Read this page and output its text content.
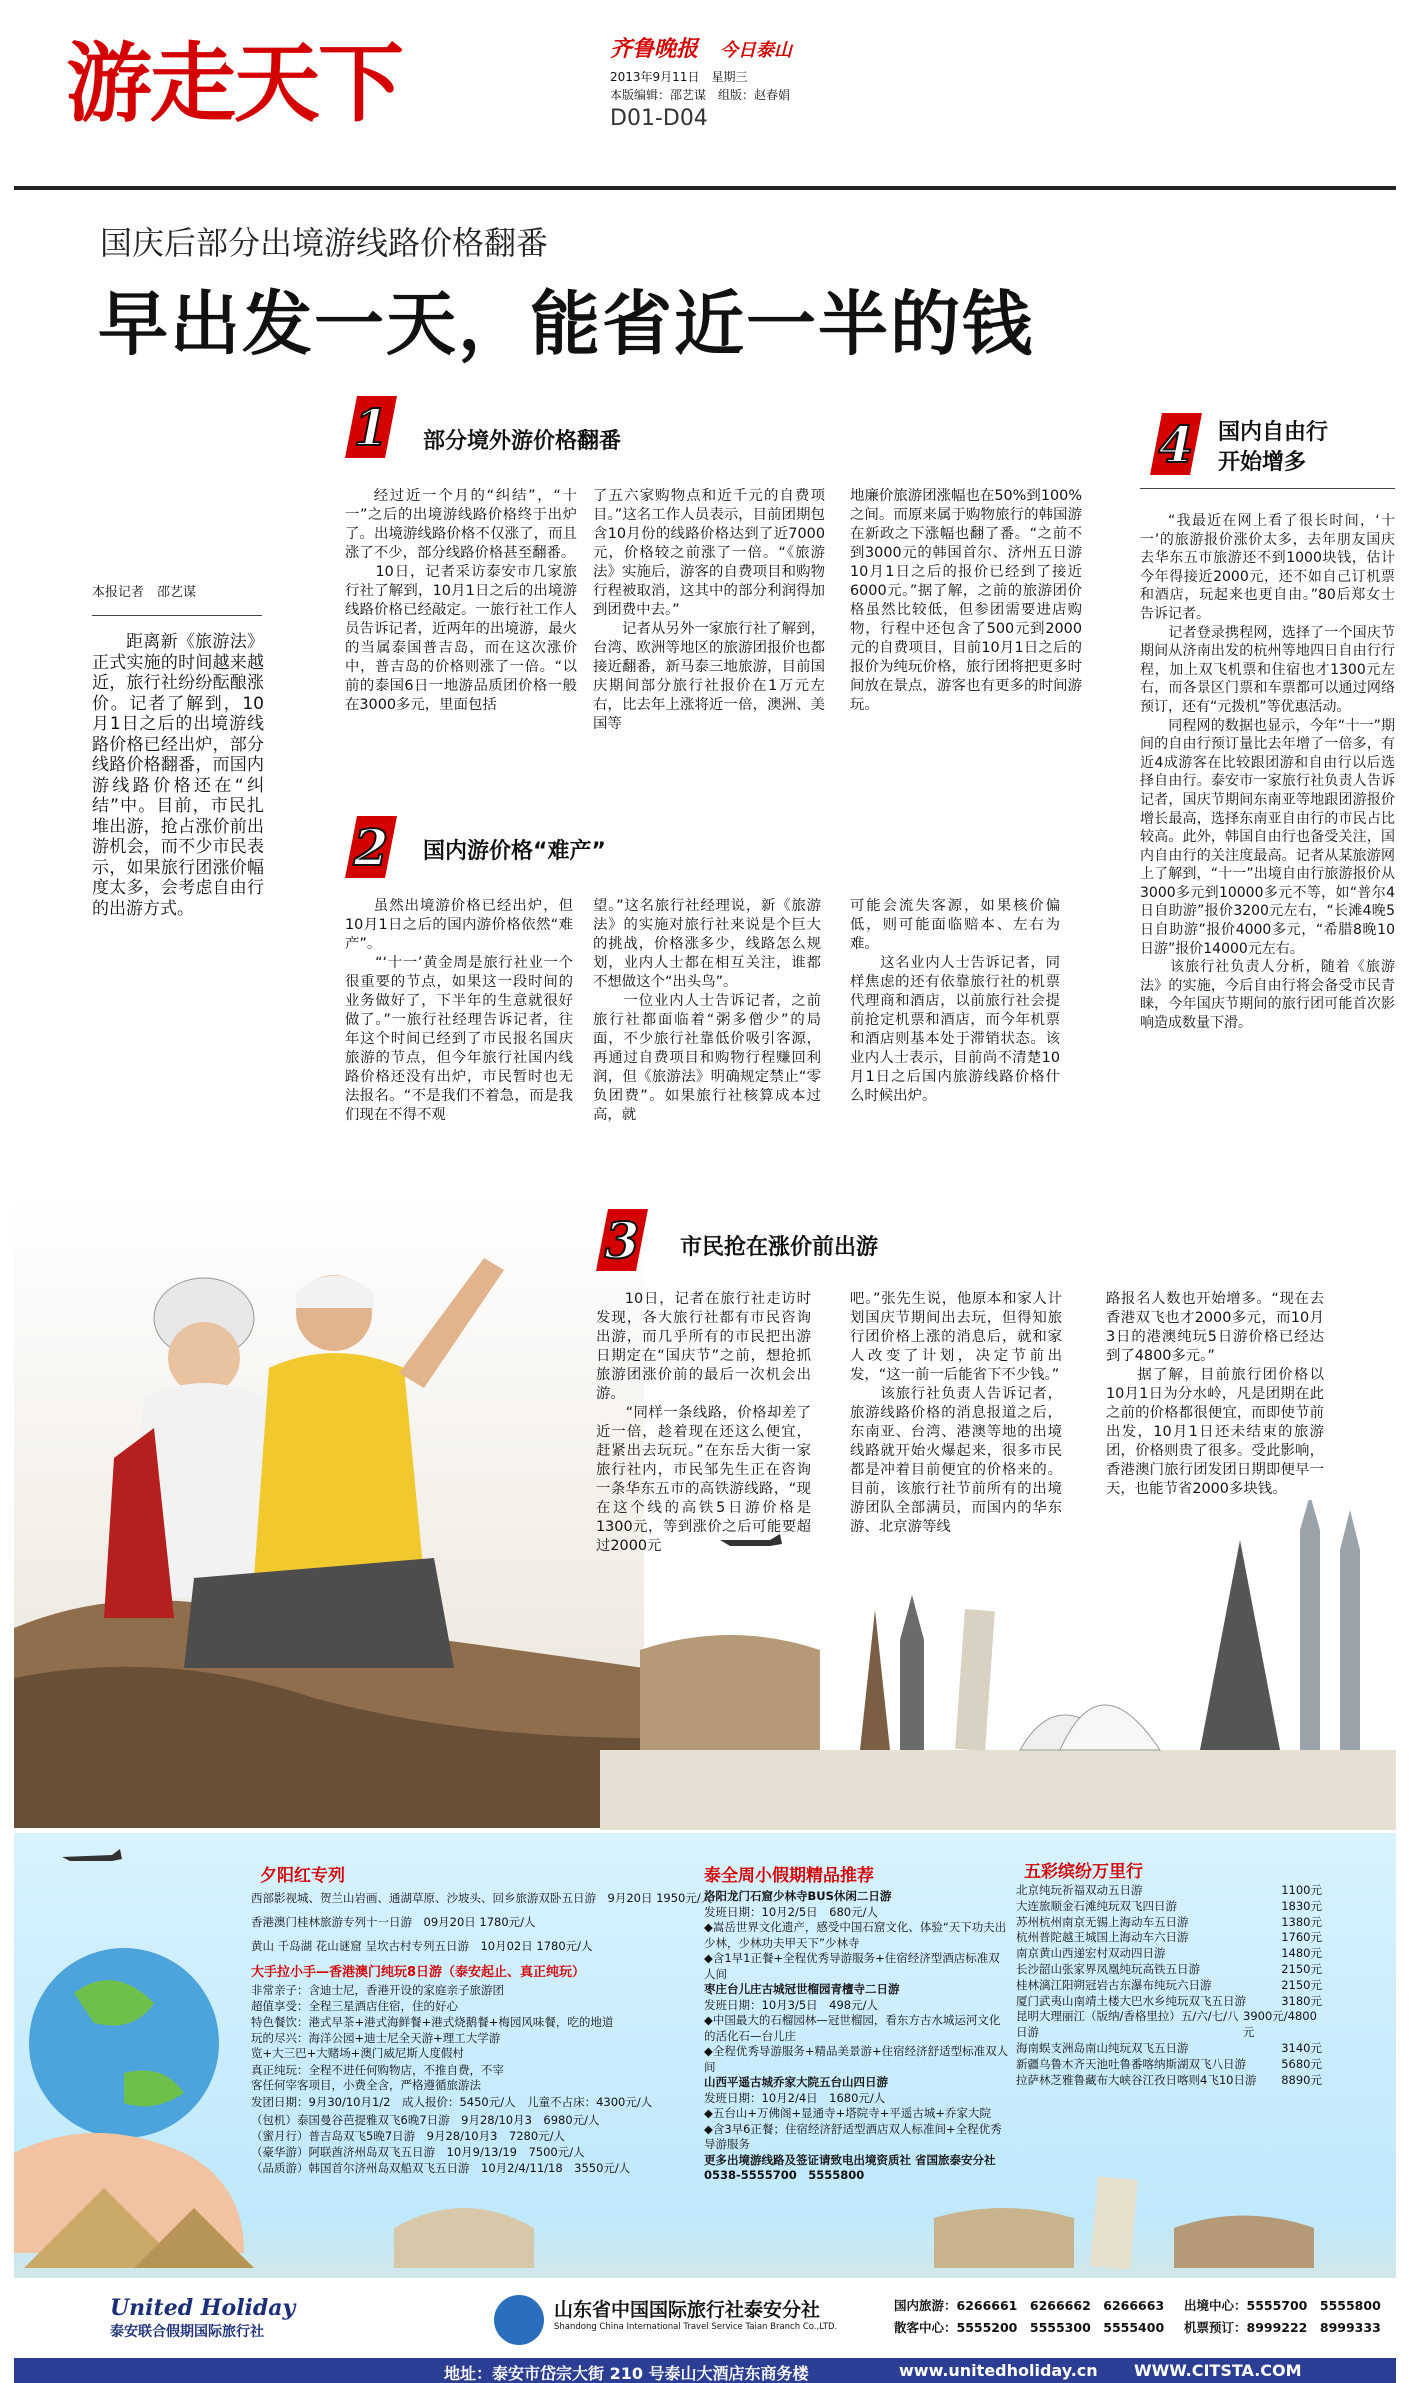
游走天下	齐鲁晚报　 今日泰山
2013年9月11日　星期三
本版编辑：邵艺谋　组版：赵春娟
D01-D04
国庆后部分出境游线路价格翻番
早出发一天，能省近一半的钱
本报记者　邵艺谋
距离新《旅游法》正式实施的时间越来越近，旅行社纷纷酝酿涨价。记者了解到，10月1日之后的出境游线路价格已经出炉，部分线路价格翻番，而国内游线路价格还在“纠结”中。目前，市民扎堆出游，抢占涨价前出游机会，而不少市民表示，如果旅行团涨价幅度太多，会考虑自由行的出游方式。
1	部分境外游价格翻番
经过近一个月的“纠结”，“十一”之后的出境游线路价格终于出炉了。出境游线路价格不仅涨了，而且涨了不少，部分线路价格甚至翻番。
　　10日，记者采访泰安市几家旅行社了解到，10月1日之后的出境游线路价格已经敲定。一旅行社工作人员告诉记者，近两年的出境游，最火的当属泰国普吉岛，而在这次涨价中，普吉岛的价格则涨了一倍。“以前的泰国6日一地游品质团价格一般在3000多元，里面包括
了五六家购物点和近千元的自费项目。”这名工作人员表示，目前团期包含10月份的线路价格达到了近7000元，价格较之前涨了一倍。“《旅游法》实施后，游客的自费项目和购物行程被取消，这其中的部分利润得加到团费中去。”
　　记者从另外一家旅行社了解到，台湾、欧洲等地区的旅游团报价也都接近翻番，新马泰三地旅游，目前国庆期间部分旅行社报价在1万元左右，比去年上涨将近一倍，澳洲、美国等
地廉价旅游团涨幅也在50%到100%之间。而原来属于购物旅行的韩国游在新政之下涨幅也翻了番。“之前不到3000元的韩国首尔、济州五日游10月1日之后的报价已经到了接近6000元。”据了解，之前的旅游团价格虽然比较低，但参团需要进店购物，行程中还包含了500元到2000元的自费项目，目前10月1日之后的报价为纯玩价格，旅行团将把更多时间放在景点，游客也有更多的时间游玩。
2	国内游价格“难产”
虽然出境游价格已经出炉，但10月1日之后的国内游价格依然“难产”。
　　“‘十一’黄金周是旅行社业一个很重要的节点，如果这一段时间的业务做好了，下半年的生意就很好做了。”一旅行社经理告诉记者，往年这个时间已经到了市民报名国庆旅游的节点，但今年旅行社国内线路价格还没有出炉，市民暂时也无法报名。“不是我们不着急，而是我们现在不得不观
望。”这名旅行社经理说，新《旅游法》的实施对旅行社来说是个巨大的挑战，价格涨多少，线路怎么规划，业内人士都在相互关注，谁都不想做这个“出头鸟”。
　　一位业内人士告诉记者，之前旅行社都面临着“粥多僧少”的局面，不少旅行社靠低价吸引客源，再通过自费项目和购物行程赚回利润，但《旅游法》明确规定禁止“零负团费”。如果旅行社核算成本过高，就
可能会流失客源，如果核价偏低，则可能面临赔本、左右为难。
　　这名业内人士告诉记者，同样焦虑的还有依靠旅行社的机票代理商和酒店，以前旅行社会提前抢定机票和酒店，而今年机票和酒店则基本处于滞销状态。该业内人士表示，目前尚不清楚10月1日之后国内旅游线路价格什么时候出炉。
4	国内自由行开始增多
“我最近在网上看了很长时间，‘十一’的旅游报价涨价太多，去年朋友国庆去华东五市旅游还不到1000块钱，估计今年得接近2000元，还不如自己订机票和酒店，玩起来也更自由。”80后郑女士告诉记者。
　　记者登录携程网，选择了一个国庆节期间从济南出发的杭州等地四日自由行行程，加上双飞机票和住宿也才1300元左右，而各景区门票和车票都可以通过网络预订，还有“元拨机”等优惠活动。
　　同程网的数据也显示，今年“十一”期间的自由行预订量比去年增了一倍多，有近4成游客在比较跟团游和自由行以后选择自由行。泰安市一家旅行社负责人告诉记者，国庆节期间东南亚等地跟团游报价增长最高，选择东南亚自由行的市民占比较高。此外，韩国自由行也备受关注，国内自由行的关注度最高。记者从某旅游网上了解到，“十一”出境自由行旅游报价从3000多元到10000多元不等，如“普尔4日自助游”报价3200元左右，“长滩4晚5日自助游”报价4000多元，“希腊8晚10日游”报价14000元左右。
　　该旅行社负责人分析，随着《旅游法》的实施，今后自由行将会备受市民青睐，今年国庆节期间的旅行团可能首次影响造成数量下滑。
3	市民抢在涨价前出游
10日，记者在旅行社走访时发现，各大旅行社都有市民咨询出游，而几乎所有的市民把出游日期定在“国庆节”之前，想抢抓旅游团涨价前的最后一次机会出游。
　　“同样一条线路，价格却差了近一倍，趁着现在还这么便宜，赶紧出去玩玩。”在东岳大街一家旅行社内，市民邹先生正在咨询一条华东五市的高铁游线路，“现在这个线的高铁5日游价格是1300元，等到涨价之后可能要超过2000元
吧。”张先生说，他原本和家人计划国庆节期间出去玩，但得知旅行团价格上涨的消息后，就和家人改变了计划，决定节前出发，“这一前一后能省下不少钱。”
　　该旅行社负责人告诉记者，旅游线路价格的消息报道之后，东南亚、台湾、港澳等地的出境线路就开始火爆起来，很多市民都是冲着目前便宜的价格来的。目前，该旅行社节前所有的出境游团队全部满员，而国内的华东游、北京游等线
路报名人数也开始增多。“现在去香港双飞也才2000多元，而10月3日的港澳纯玩5日游价格已经达到了4800多元。”
　　据了解，目前旅行团价格以10月1日为分水岭，凡是团期在此之前的价格都很便宜，而即使节前出发，10月1日还未结束的旅游团，价格则贵了很多。受此影响，香港澳门旅行团发团日期即便早一天，也能节省2000多块钱。
夕阳红专列
西部影视城、贺兰山岩画、通湖草原、沙坡头、回乡旅游双卧五日游　9月20日 1950元/人
香港澳门桂林旅游专列十一日游　09月20日 1780元/人
黄山 千岛湖 花山谜窟 呈坎古村专列五日游　10月02日 1780元/人
大手拉小手—香港澳门纯玩8日游（泰安起止、真正纯玩）
非常亲子：含迪士尼，香港开设的家庭亲子旅游团
超值享受：全程三星酒店住宿，住的好心
特色餐饮：港式早茶+港式海鲜餐+港式烧鹅餐+梅园风味餐，吃的地道
玩的尽兴：海洋公园+迪士尼全天游+理工大学游览+大三巴+大赌场+澳门威尼斯人度假村
真正纯玩：全程不进任何购物店，不推自费，不宰客任何宰客项目，小费全含，严格遵循旅游法
发团日期：9月30/10月1/2　成人报价：5450元/人　儿童不占床：4300元/人
（包机）泰国曼谷芭提雅双飞6晚7日游　9月28/10月3　6980元/人
（蜜月行）普吉岛双飞5晚7日游　9月28/10月3　7280元/人
（豪华游）阿联酋济州岛双飞五日游　10月9/13/19　7500元/人
（品质游）韩国首尔济州岛双船双飞五日游　10月2/4/11/18　3550元/人
泰全周小假期精品推荐
洛阳龙门石窟少林寺BUS休闲二日游
发班日期：10月2/5日　680元/人
◆嵩岳世界文化遗产，感受中国石窟文化、体验“天下功夫出少林，少林功夫甲天下”少林寺
◆含1早1正餐+全程优秀导游服务+住宿经济型酒店标准双人间
枣庄台儿庄古城冠世榴园青檀寺二日游
发班日期：10月3/5日　498元/人
◆中国最大的石榴园林—冠世榴园，看东方古水城运河文化的活化石—台儿庄
◆全程优秀导游服务+精品美景游+住宿经济舒适型标准双人间
山西平遥古城乔家大院五台山四日游
发班日期：10月2/4日　1680元/人
◆五台山+万佛阁+显通寺+塔院寺+平遥古城+乔家大院
◆含3早6正餐；住宿经济舒适型酒店双人标准间+全程优秀导游服务
更多出境游线路及签证请致电出境资质社 省国旅泰安分社
0538-5555700　5555800
五彩缤纷万里行
北京纯玩祈福双动五日游	1100元
大连旅顺金石滩纯玩双飞四日游	1830元
苏州杭州南京无锡上海动车五日游	1380元
杭州普陀越王城国上海动车六日游	1760元
南京黄山西递宏村双动四日游	1480元
长沙韶山张家界凤凰纯玩高铁五日游	2150元
桂林漓江阳朔冠岩古东瀑布纯玩六日游	2150元
厦门武夷山南靖土楼大巴水乡纯玩双飞五日游	3180元
昆明大理丽江（版纳/香格里拉）五/六/七/八日游
3900元/4800元
海南蜈支洲岛南山纯玩双飞五日游	3140元
新疆乌鲁木齐天池吐鲁番喀纳斯湖双飞八日游	5680元
拉萨林芝雅鲁藏布大峡谷江孜日喀则4飞10日游 8890元
United Holiday
泰安联合假期国际旅行社
山东省中国国际旅行社泰安分社
Shandong China International Travel Service Taian Branch Co.,LTD.
国内旅游：6266661　6266662　6266663
散客中心：5555200　5555300　5555400
出境中心：5555700　5555800
机票预订：8999222　8999333
地址：泰安市岱宗大街 210 号泰山大酒店东商务楼	www.unitedholiday.cn WWW.CITSTA.COM
